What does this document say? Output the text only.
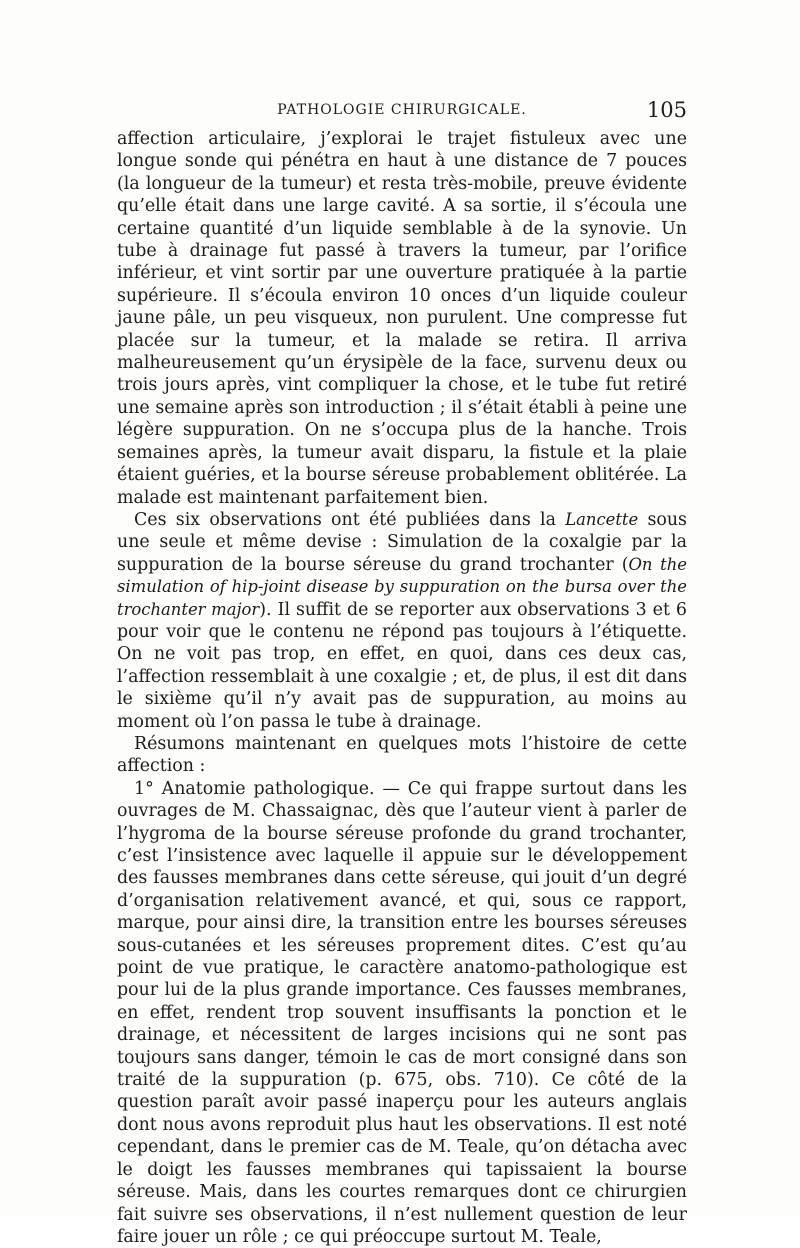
PATHOLOGIE CHIRURGICALE.	105

affection articulaire, j’explorai le trajet fistuleux avec une longue sonde qui pénétra en haut à une distance de 7 pouces (la longueur de la tumeur) et resta très-mobile, preuve évidente qu’elle était dans une large cavité. A sa sortie, il s’écoula une certaine quantité d’un liquide semblable à de la synovie. Un tube à drainage fut passé à travers la tumeur, par l’orifice inférieur, et vint sortir par une ouverture pratiquée à la partie supérieure. Il s’écoula environ 10 onces d’un liquide couleur jaune pâle, un peu visqueux, non purulent. Une compresse fut placée sur la tumeur, et la malade se retira. Il arriva malheureusement qu’un érysipèle de la face, survenu deux ou trois jours après, vint compliquer la chose, et le tube fut retiré une semaine après son introduction ; il s’était établi à peine une légère suppuration. On ne s’occupa plus de la hanche. Trois semaines après, la tumeur avait disparu, la fistule et la plaie étaient guéries, et la bourse séreuse probablement oblitérée. La malade est maintenant parfaitement bien.

Ces six observations ont été publiées dans la Lancette sous une seule et même devise : Simulation de la coxalgie par la suppuration de la bourse séreuse du grand trochanter (On the simulation of hip-joint disease by suppuration on the bursa over the trochanter major). Il suffit de se reporter aux observations 3 et 6 pour voir que le contenu ne répond pas toujours à l’étiquette. On ne voit pas trop, en effet, en quoi, dans ces deux cas, l’affection ressemblait à une coxalgie ; et, de plus, il est dit dans le sixième qu’il n’y avait pas de suppuration, au moins au moment où l’on passa le tube à drainage.

Résumons maintenant en quelques mots l’histoire de cette affection :

1° Anatomie pathologique. — Ce qui frappe surtout dans les ouvrages de M. Chassaignac, dès que l’auteur vient à parler de l’hygroma de la bourse séreuse profonde du grand trochanter, c’est l’insistence avec laquelle il appuie sur le développement des fausses membranes dans cette séreuse, qui jouit d’un degré d’organisation relativement avancé, et qui, sous ce rapport, marque, pour ainsi dire, la transition entre les bourses séreuses sous-cutanées et les séreuses proprement dites. C’est qu’au point de vue pratique, le caractère anatomo-pathologique est pour lui de la plus grande importance. Ces fausses membranes, en effet, rendent trop souvent insuffisants la ponction et le drainage, et nécessitent de larges incisions qui ne sont pas toujours sans danger, témoin le cas de mort consigné dans son traité de la suppuration (p. 675, obs. 710). Ce côté de la question paraît avoir passé inaperçu pour les auteurs anglais dont nous avons reproduit plus haut les observations. Il est noté cependant, dans le premier cas de M. Teale, qu’on détacha avec le doigt les fausses membranes qui tapissaient la bourse séreuse. Mais, dans les courtes remarques dont ce chirurgien fait suivre ses observations, il n’est nullement question de leur faire jouer un rôle ; ce qui préoccupe surtout M. Teale,
